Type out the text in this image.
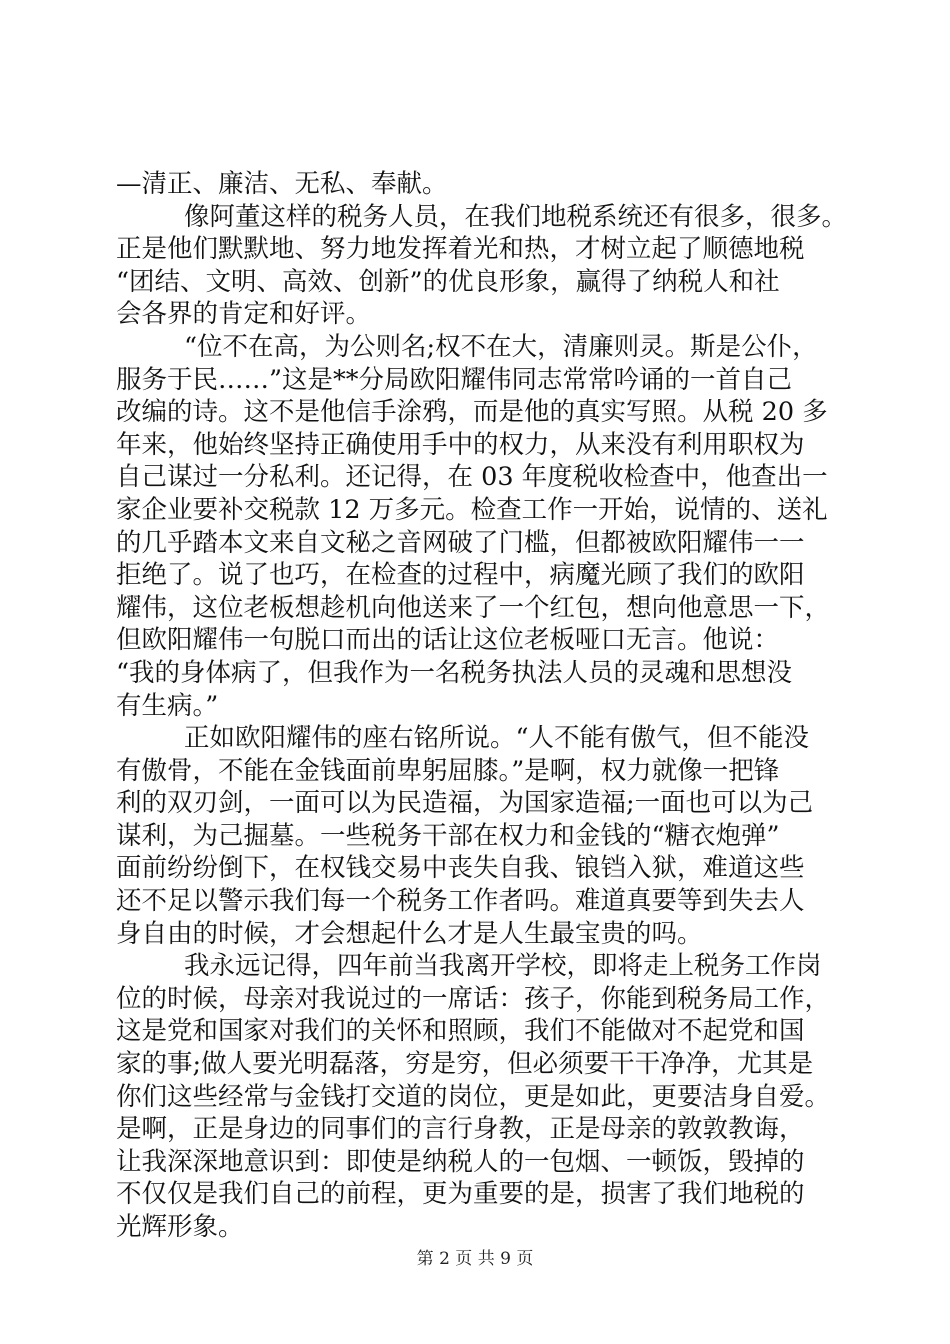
—清正、廉洁、无私、奉献。
像阿董这样的税务人员，在我们地税系统还有很多，很多。
正是他们默默地、努力地发挥着光和热，才树立起了顺德地税
“团结、文明、高效、创新”的优良形象，赢得了纳税人和社
会各界的肯定和好评。
“位不在高，为公则名;权不在大，清廉则灵。斯是公仆，
服务于民……”这是**分局欧阳耀伟同志常常吟诵的一首自己
改编的诗。这不是他信手涂鸦，而是他的真实写照。从税 20 多
年来，他始终坚持正确使用手中的权力，从来没有利用职权为
自己谋过一分私利。还记得，在 03 年度税收检查中，他查出一
家企业要补交税款 12 万多元。检查工作一开始，说情的、送礼
的几乎踏本文来自文秘之音网破了门槛，但都被欧阳耀伟一一
拒绝了。说了也巧，在检查的过程中，病魔光顾了我们的欧阳
耀伟，这位老板想趁机向他送来了一个红包，想向他意思一下，
但欧阳耀伟一句脱口而出的话让这位老板哑口无言。他说：
“我的身体病了，但我作为一名税务执法人员的灵魂和思想没
有生病。”
正如欧阳耀伟的座右铭所说。“人不能有傲气，但不能没
有傲骨，不能在金钱面前卑躬屈膝。”是啊，权力就像一把锋
利的双刃剑，一面可以为民造福，为国家造福;一面也可以为己
谋利，为己掘墓。一些税务干部在权力和金钱的“糖衣炮弹”
面前纷纷倒下，在权钱交易中丧失自我、锒铛入狱，难道这些
还不足以警示我们每一个税务工作者吗。难道真要等到失去人
身自由的时候，才会想起什么才是人生最宝贵的吗。
我永远记得，四年前当我离开学校，即将走上税务工作岗
位的时候，母亲对我说过的一席话：孩子，你能到税务局工作，
这是党和国家对我们的关怀和照顾，我们不能做对不起党和国
家的事;做人要光明磊落，穷是穷，但必须要干干净净，尤其是
你们这些经常与金钱打交道的岗位，更是如此，更要洁身自爱。
是啊，正是身边的同事们的言行身教，正是母亲的敦敦教诲，
让我深深地意识到：即使是纳税人的一包烟、一顿饭，毁掉的
不仅仅是我们自己的前程，更为重要的是，损害了我们地税的
光辉形象。
第 2 页 共 9 页
